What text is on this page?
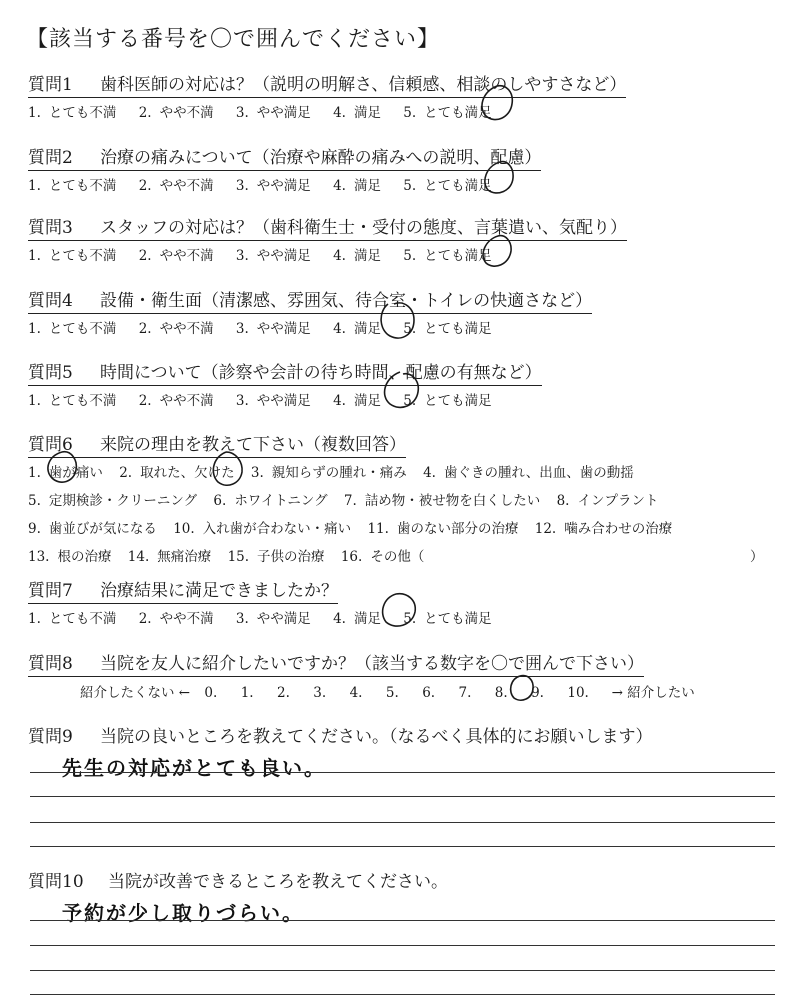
【該当する番号を〇で囲んでください】
質問1 歯科医師の対応は？（説明の明解さ、信頼感、相談のしやすさなど）
1. とても不満 2. やや不満 3. やや満足 4. 満足 5. とても満足
質問2 治療の痛みについて（治療や麻酔の痛みへの説明、配慮）
1. とても不満 2. やや不満 3. やや満足 4. 満足 5. とても満足
質問3 スタッフの対応は？（歯科衛生士・受付の態度、言葉遣い、気配り）
1. とても不満 2. やや不満 3. やや満足 4. 満足 5. とても満足
質問4 設備・衛生面（清潔感、雰囲気、待合室・トイレの快適さなど）
1. とても不満 2. やや不満 3. やや満足 4. 満足 5. とても満足
質問5 時間について（診察や会計の待ち時間、配慮の有無など）
1. とても不満 2. やや不満 3. やや満足 4. 満足 5. とても満足
質問6 来院の理由を教えて下さい（複数回答）
1. 歯が痛い 2. 取れた、欠けた 3. 親知らずの腫れ・痛み 4. 歯ぐきの腫れ、出血、歯の動揺
5. 定期検診・クリーニング 6. ホワイトニング 7. 詰め物・被せ物を白くしたい 8. インプラント
9. 歯並びが気になる 10. 入れ歯が合わない・痛い 11. 歯のない部分の治療 12. 噛み合わせの治療
13. 根の治療 14. 無痛治療 15. 子供の治療 16. その他（	）
質問7 治療結果に満足できましたか？
1. とても不満 2. やや不満 3. やや満足 4. 満足 5. とても満足
質問8 当院を友人に紹介したいですか？（該当する数字を〇で囲んで下さい）
紹介したくない ← 0. 1. 2. 3. 4. 5. 6. 7. 8. 9. 10. → 紹介したい
質問9 当院の良いところを教えてください。（なるべく具体的にお願いします）
先生の対応がとても良い。
質問10 当院が改善できるところを教えてください。
予約が少し取りづらい。
